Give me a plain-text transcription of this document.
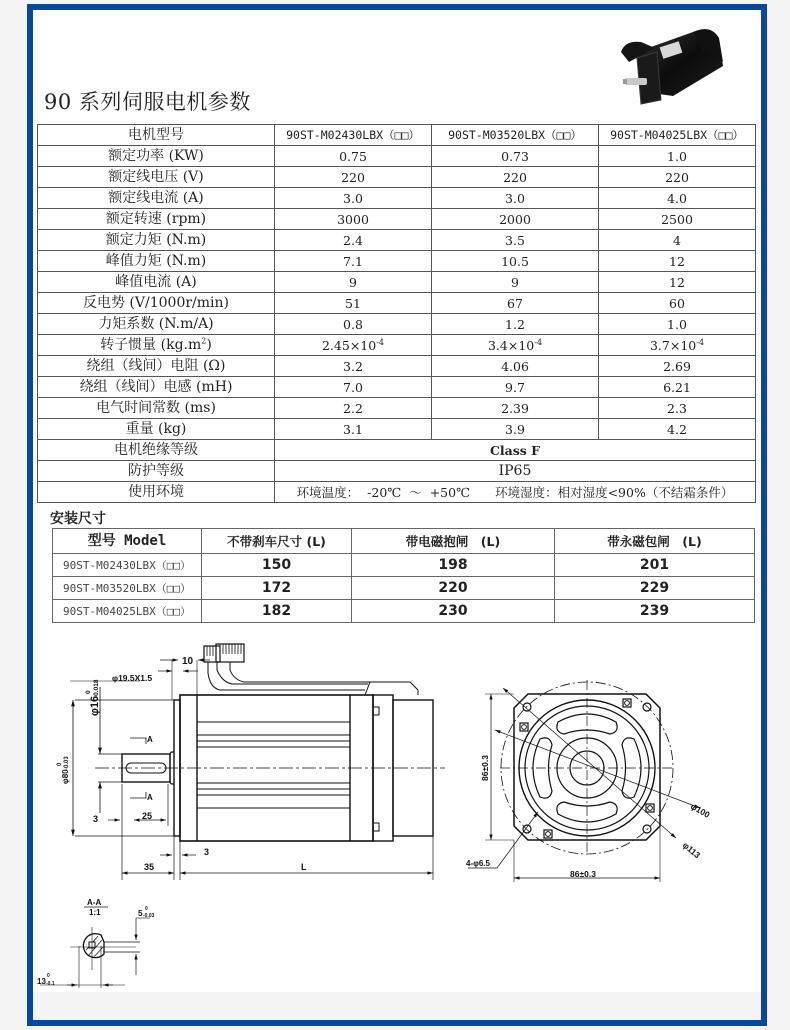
90 系列伺服电机参数
电机型号	90ST-M02430LBX（□□）	90ST-M03520LBX（□□）	90ST-M04025LBX（□□）
额定功率 (KW)	0.75	0.73	1.0
额定线电压 (V)	220	220	220
额定线电流 (A)	3.0	3.0	4.0
额定转速 (rpm)	3000	2000	2500
额定力矩 (N.m)	2.4	3.5	4
峰值力矩 (N.m)	7.1	10.5	12
峰值电流 (A)	9	9	12
反电势 (V/1000r/min)	51	67	60
力矩系数 (N.m/A)	0.8	1.2	1.0
转子惯量 $(kg.m^2)$	$2.45\times 10^{-4}$	$3.4\times 10^{-4}$	$3.7\times 10^{-4}$
绕组（线间）电阻 (Ω)	3.2	4.06	2.69
绕组（线间）电感 (mH)	7.0	9.7	6.21
电气时间常数 (ms)	2.2	2.39	2.3
重量 (kg)	3.1	3.9	4.2
电机绝缘等级	Class F		
防护等级	IP65		
使用环境	环境温度： -20℃ ～ +50℃　　环境湿度：相对湿度<90%（不结霜条件）		
安装尺寸
型号 Model	不带刹车尺寸 (L)	带电磁抱闸　(L)	带永磁包闸　(L)
90ST-M02430LBX（□□）	150	198	201
90ST-M03520LBX（□□）	172	220	229
90ST-M04025LBX（□□）	182	230	239
10
φ19.5X1.5
φ16
-0.018
0
φ80
-0.03
0
A
A
3	25
3
35	L
86±0.3
86±0.3
φ100
φ113
4-φ6.5
A-A
1:1	5 -0.03
0
13 -0.1
0
